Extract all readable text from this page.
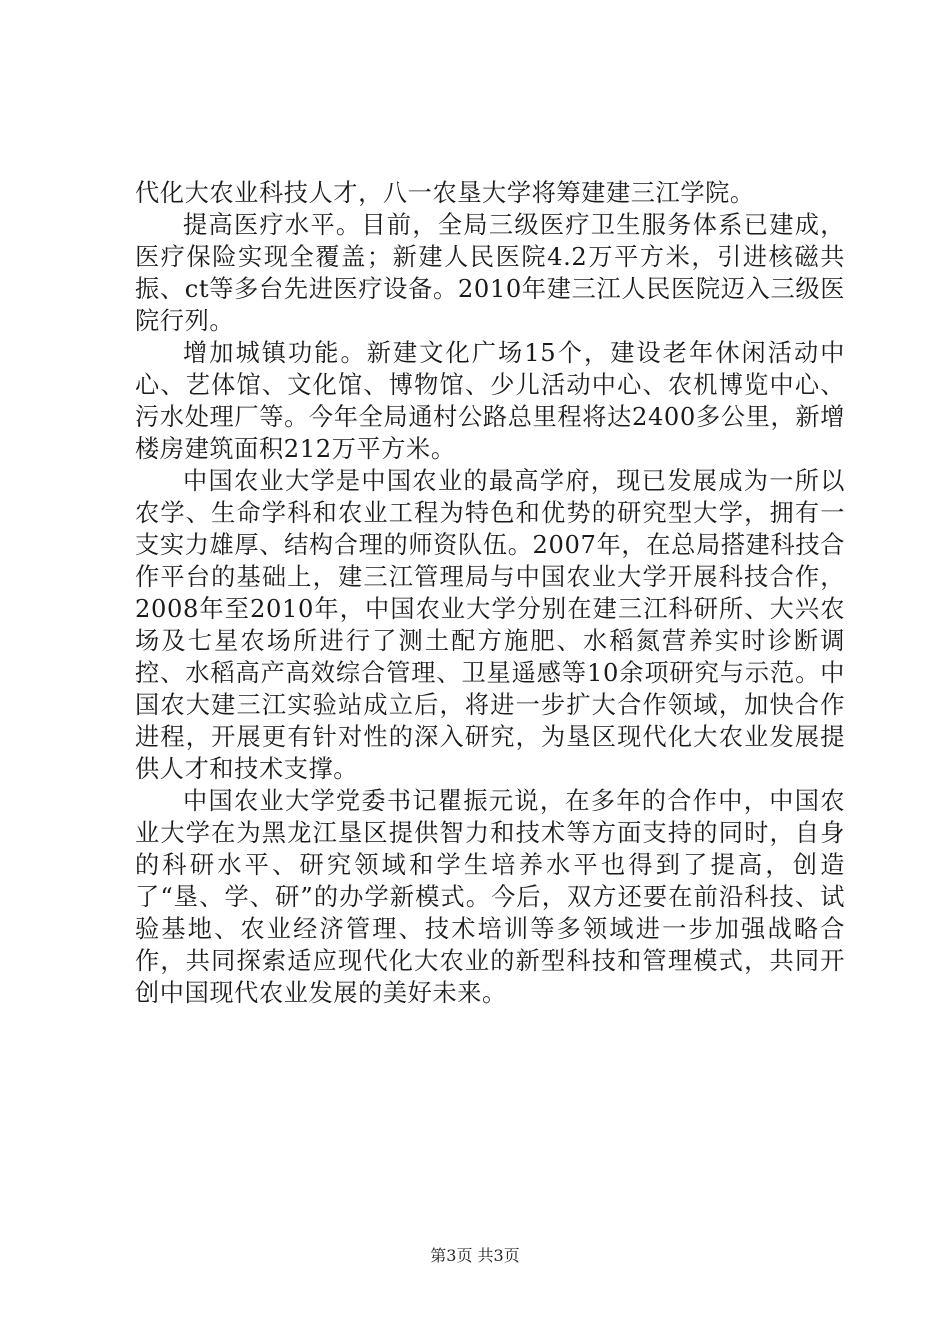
代化大农业科技人才，八一农垦大学将筹建建三江学院。

提高医疗水平。目前，全局三级医疗卫生服务体系已建成，医疗保险实现全覆盖；新建人民医院4.2万平方米，引进核磁共振、ct等多台先进医疗设备。2010年建三江人民医院迈入三级医院行列。

增加城镇功能。新建文化广场15个，建设老年休闲活动中心、艺体馆、文化馆、博物馆、少儿活动中心、农机博览中心、污水处理厂等。今年全局通村公路总里程将达2400多公里，新增楼房建筑面积212万平方米。

中国农业大学是中国农业的最高学府，现已发展成为一所以农学、生命学科和农业工程为特色和优势的研究型大学，拥有一支实力雄厚、结构合理的师资队伍。2007年，在总局搭建科技合作平台的基础上，建三江管理局与中国农业大学开展科技合作，2008年至2010年，中国农业大学分别在建三江科研所、大兴农场及七星农场所进行了测土配方施肥、水稻氮营养实时诊断调控、水稻高产高效综合管理、卫星遥感等10余项研究与示范。中国农大建三江实验站成立后，将进一步扩大合作领域，加快合作进程，开展更有针对性的深入研究，为垦区现代化大农业发展提供人才和技术支撑。

中国农业大学党委书记瞿振元说，在多年的合作中，中国农业大学在为黑龙江垦区提供智力和技术等方面支持的同时，自身的科研水平、研究领域和学生培养水平也得到了提高，创造了“垦、学、研”的办学新模式。今后，双方还要在前沿科技、试验基地、农业经济管理、技术培训等多领域进一步加强战略合作，共同探索适应现代化大农业的新型科技和管理模式，共同开创中国现代农业发展的美好未来。

第3页 共3页
